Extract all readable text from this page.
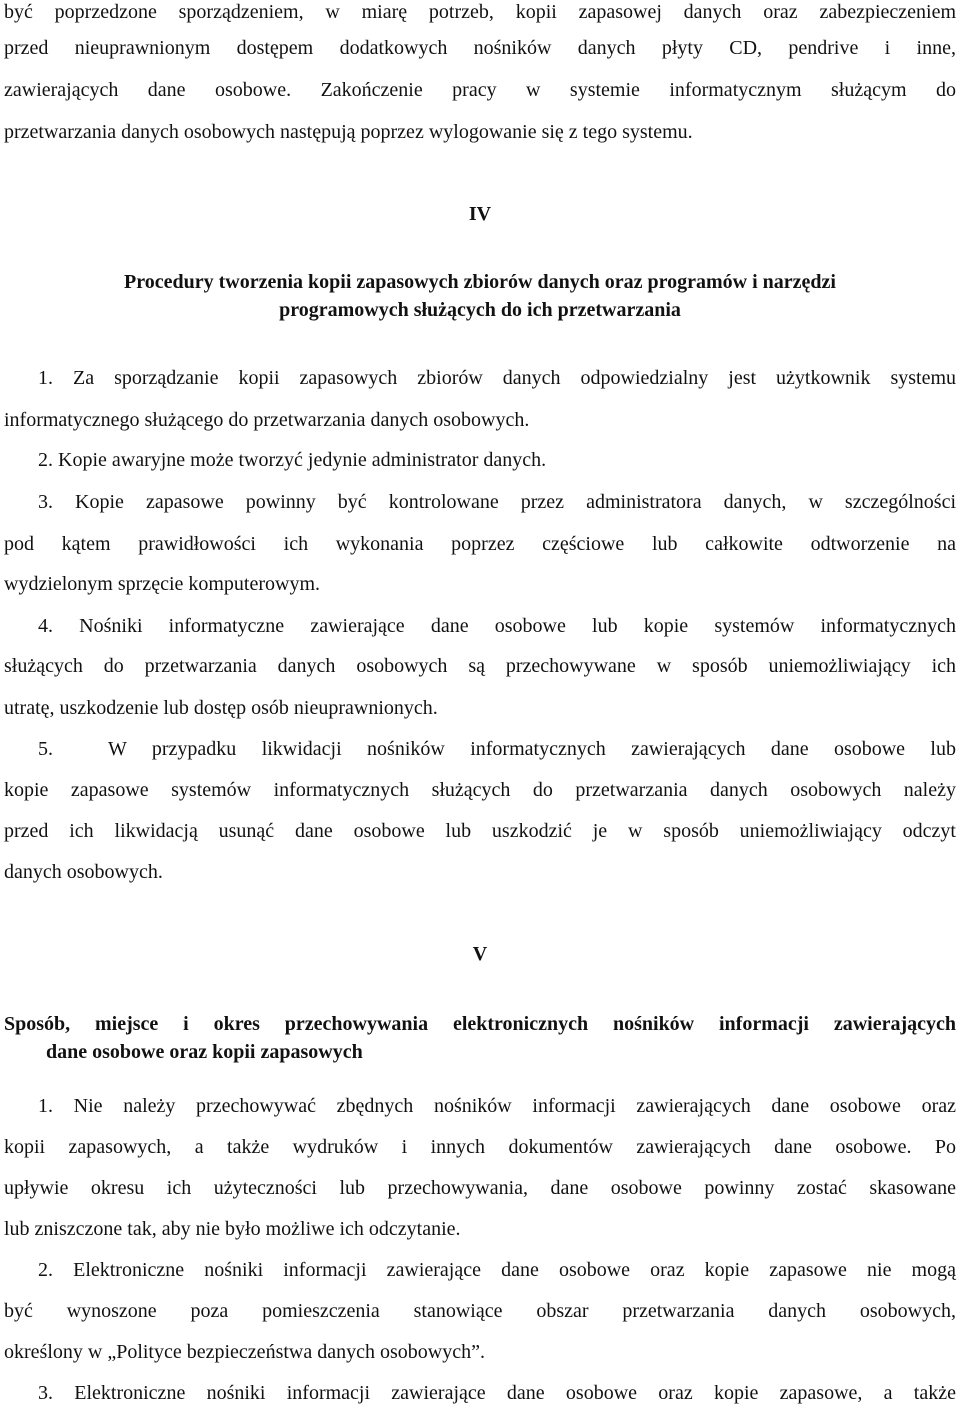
być poprzedzone sporządzeniem, w miarę potrzeb, kopii zapasowej danych oraz zabezpieczeniem
przed nieuprawnionym dostępem dodatkowych nośników danych płyty CD, pendrive i inne,
zawierających dane osobowe. Zakończenie pracy w systemie informatycznym służącym do
przetwarzania danych osobowych następują poprzez wylogowanie się z tego systemu.
IV
Procedury tworzenia kopii zapasowych zbiorów danych oraz programów i narzędzi
programowych służących do ich przetwarzania
1. Za sporządzanie kopii zapasowych zbiorów danych odpowiedzialny jest użytkownik systemu
informatycznego służącego do przetwarzania danych osobowych.
2. Kopie awaryjne może tworzyć jedynie administrator danych.
3. Kopie zapasowe powinny być kontrolowane przez administratora danych, w szczególności
pod kątem prawidłowości ich wykonania poprzez częściowe lub całkowite odtworzenie na
wydzielonym sprzęcie komputerowym.
4. Nośniki informatyczne zawierające dane osobowe lub kopie systemów informatycznych
służących do przetwarzania danych osobowych są przechowywane w sposób uniemożliwiający ich
utratę, uszkodzenie lub dostęp osób nieuprawnionych.
5.	W przypadku likwidacji nośników informatycznych zawierających dane osobowe lub
kopie zapasowe systemów informatycznych służących do przetwarzania danych osobowych należy
przed ich likwidacją usunąć dane osobowe lub uszkodzić je w sposób uniemożliwiający odczyt
danych osobowych.
V
Sposób, miejsce i okres przechowywania elektronicznych nośników informacji zawierających
dane osobowe oraz kopii zapasowych
1. Nie należy przechowywać zbędnych nośników informacji zawierających dane osobowe oraz
kopii zapasowych, a także wydruków i innych dokumentów zawierających dane osobowe. Po
upływie okresu ich użyteczności lub przechowywania, dane osobowe powinny zostać skasowane
lub zniszczone tak, aby nie było możliwe ich odczytanie.
2. Elektroniczne nośniki informacji zawierające dane osobowe oraz kopie zapasowe nie mogą
być wynoszone poza pomieszczenia stanowiące obszar przetwarzania danych osobowych,
określony w „Polityce bezpieczeństwa danych osobowych”.
3. Elektroniczne nośniki informacji zawierające dane osobowe oraz kopie zapasowe, a także
